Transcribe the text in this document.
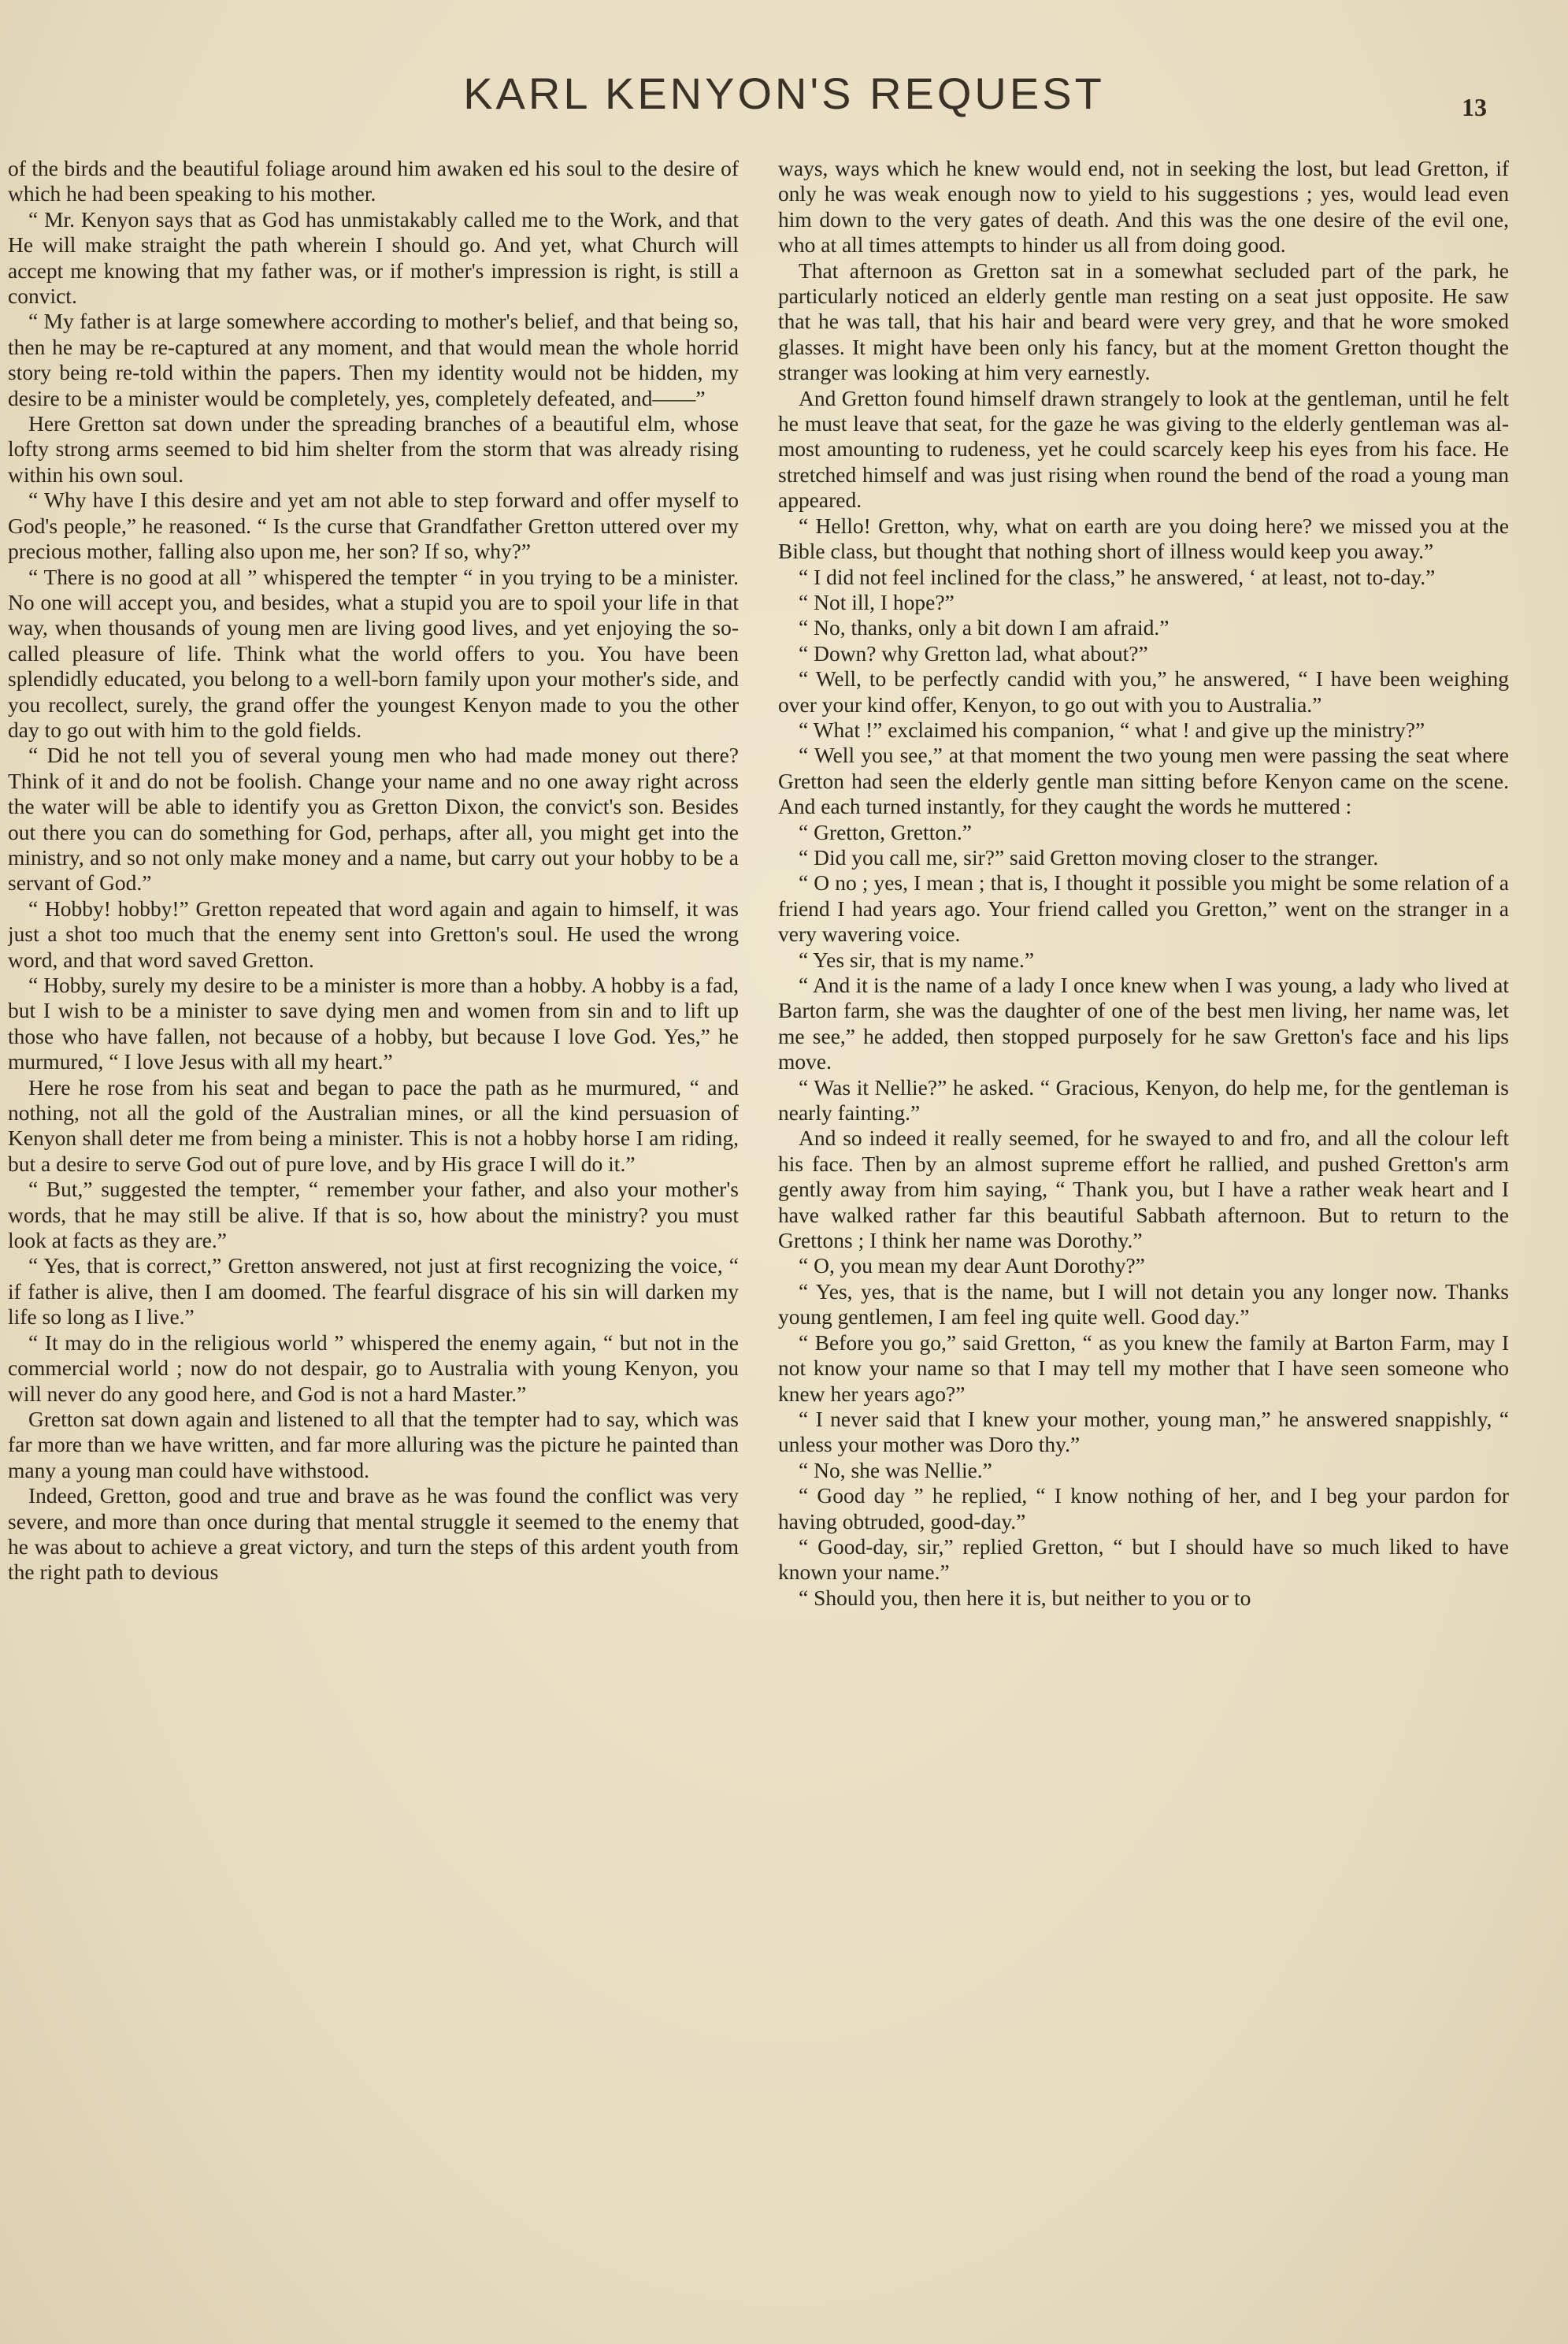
KARL KENYON'S REQUEST	13

of the birds and the beautiful foliage around him awaken ed his soul to the desire of which he had been speaking to his mother.

“ Mr. Kenyon says that as God has unmistakably called me to the Work, and that He will make straight the path wherein I should go. And yet, what Church will accept me knowing that my father was, or if mother's impression is right, is still a convict.

“ My father is at large somewhere according to mother's belief, and that being so, then he may be re-captured at any moment, and that would mean the whole horrid story being re-told within the papers. Then my identity would not be hidden, my desire to be a minister would be completely, yes, completely defeated, and——”

Here Gretton sat down under the spreading branches of a beautiful elm, whose lofty strong arms seemed to bid him shelter from the storm that was already rising within his own soul.

“ Why have I this desire and yet am not able to step forward and offer myself to God's people,” he reasoned. “ Is the curse that Grandfather Gretton uttered over my precious mother, falling also upon me, her son? If so, why?”

“ There is no good at all ” whispered the tempter “ in you trying to be a minister. No one will accept you, and besides, what a stupid you are to spoil your life in that way, when thousands of young men are living good lives, and yet enjoying the so-called pleasure of life. Think what the world offers to you. You have been splendidly educated, you belong to a well-born family upon your mother's side, and you recollect, surely, the grand offer the youngest Kenyon made to you the other day to go out with him to the gold fields.

“ Did he not tell you of several young men who had made money out there? Think of it and do not be foolish. Change your name and no one away right across the water will be able to identify you as Gretton Dixon, the convict's son. Besides out there you can do something for God, perhaps, after all, you might get into the ministry, and so not only make money and a name, but carry out your hobby to be a servant of God.”

“ Hobby! hobby!” Gretton repeated that word again and again to himself, it was just a shot too much that the enemy sent into Gretton's soul. He used the wrong word, and that word saved Gretton.

“ Hobby, surely my desire to be a minister is more than a hobby. A hobby is a fad, but I wish to be a minister to save dying men and women from sin and to lift up those who have fallen, not because of a hobby, but because I love God. Yes,” he murmured, “ I love Jesus with all my heart.”

Here he rose from his seat and began to pace the path as he murmured, “ and nothing, not all the gold of the Australian mines, or all the kind persuasion of Kenyon shall deter me from being a minister. This is not a hobby horse I am riding, but a desire to serve God out of pure love, and by His grace I will do it.”

“ But,” suggested the tempter, “ remember your father, and also your mother's words, that he may still be alive. If that is so, how about the ministry? you must look at facts as they are.”

“ Yes, that is correct,” Gretton answered, not just at first recognizing the voice, “ if father is alive, then I am doomed. The fearful disgrace of his sin will darken my life so long as I live.”

“ It may do in the religious world ” whispered the enemy again, “ but not in the commercial world ; now do not despair, go to Australia with young Kenyon, you will never do any good here, and God is not a hard Master.”

Gretton sat down again and listened to all that the tempter had to say, which was far more than we have written, and far more alluring was the picture he painted than many a young man could have withstood.

Indeed, Gretton, good and true and brave as he was found the conflict was very severe, and more than once during that mental struggle it seemed to the enemy that he was about to achieve a great victory, and turn the steps of this ardent youth from the right path to devious

ways, ways which he knew would end, not in seeking the lost, but lead Gretton, if only he was weak enough now to yield to his suggestions ; yes, would lead even him down to the very gates of death. And this was the one desire of the evil one, who at all times attempts to hinder us all from doing good.

That afternoon as Gretton sat in a somewhat secluded part of the park, he particularly noticed an elderly gentle man resting on a seat just opposite. He saw that he was tall, that his hair and beard were very grey, and that he wore smoked glasses. It might have been only his fancy, but at the moment Gretton thought the stranger was looking at him very earnestly.

And Gretton found himself drawn strangely to look at the gentleman, until he felt he must leave that seat, for the gaze he was giving to the elderly gentleman was al most amounting to rudeness, yet he could scarcely keep his eyes from his face. He stretched himself and was just rising when round the bend of the road a young man appeared.

“ Hello! Gretton, why, what on earth are you doing here? we missed you at the Bible class, but thought that nothing short of illness would keep you away.”

“ I did not feel inclined for the class,” he answered, ‘ at least, not to-day.”

“ Not ill, I hope?”

“ No, thanks, only a bit down I am afraid.”

“ Down? why Gretton lad, what about?”

“ Well, to be perfectly candid with you,” he answered, “ I have been weighing over your kind offer, Kenyon, to go out with you to Australia.”

“ What !” exclaimed his companion, “ what ! and give up the ministry?”

“ Well you see,” at that moment the two young men were passing the seat where Gretton had seen the elderly gentle man sitting before Kenyon came on the scene. And each turned instantly, for they caught the words he muttered :

“ Gretton, Gretton.”

“ Did you call me, sir?” said Gretton moving closer to the stranger.

“ O no ; yes, I mean ; that is, I thought it possible you might be some relation of a friend I had years ago. Your friend called you Gretton,” went on the stranger in a very wavering voice.

“ Yes sir, that is my name.”

“ And it is the name of a lady I once knew when I was young, a lady who lived at Barton farm, she was the daughter of one of the best men living, her name was, let me see,” he added, then stopped purposely for he saw Gretton's face and his lips move.

“ Was it Nellie?” he asked. “ Gracious, Kenyon, do help me, for the gentleman is nearly fainting.”

And so indeed it really seemed, for he swayed to and fro, and all the colour left his face. Then by an almost supreme effort he rallied, and pushed Gretton's arm gently away from him saying, “ Thank you, but I have a rather weak heart and I have walked rather far this beautiful Sabbath afternoon. But to return to the Grettons ; I think her name was Dorothy.”

“ O, you mean my dear Aunt Dorothy?”

“ Yes, yes, that is the name, but I will not detain you any longer now. Thanks young gentlemen, I am feel ing quite well. Good day.”

“ Before you go,” said Gretton, “ as you knew the family at Barton Farm, may I not know your name so that I may tell my mother that I have seen someone who knew her years ago?”

“ I never said that I knew your mother, young man,” he answered snappishly, “ unless your mother was Doro thy.”

“ No, she was Nellie.”

“ Good day ” he replied, “ I know nothing of her, and I beg your pardon for having obtruded, good-day.”

“ Good-day, sir,” replied Gretton, “ but I should have so much liked to have known your name.”

“ Should you, then here it is, but neither to you or to
